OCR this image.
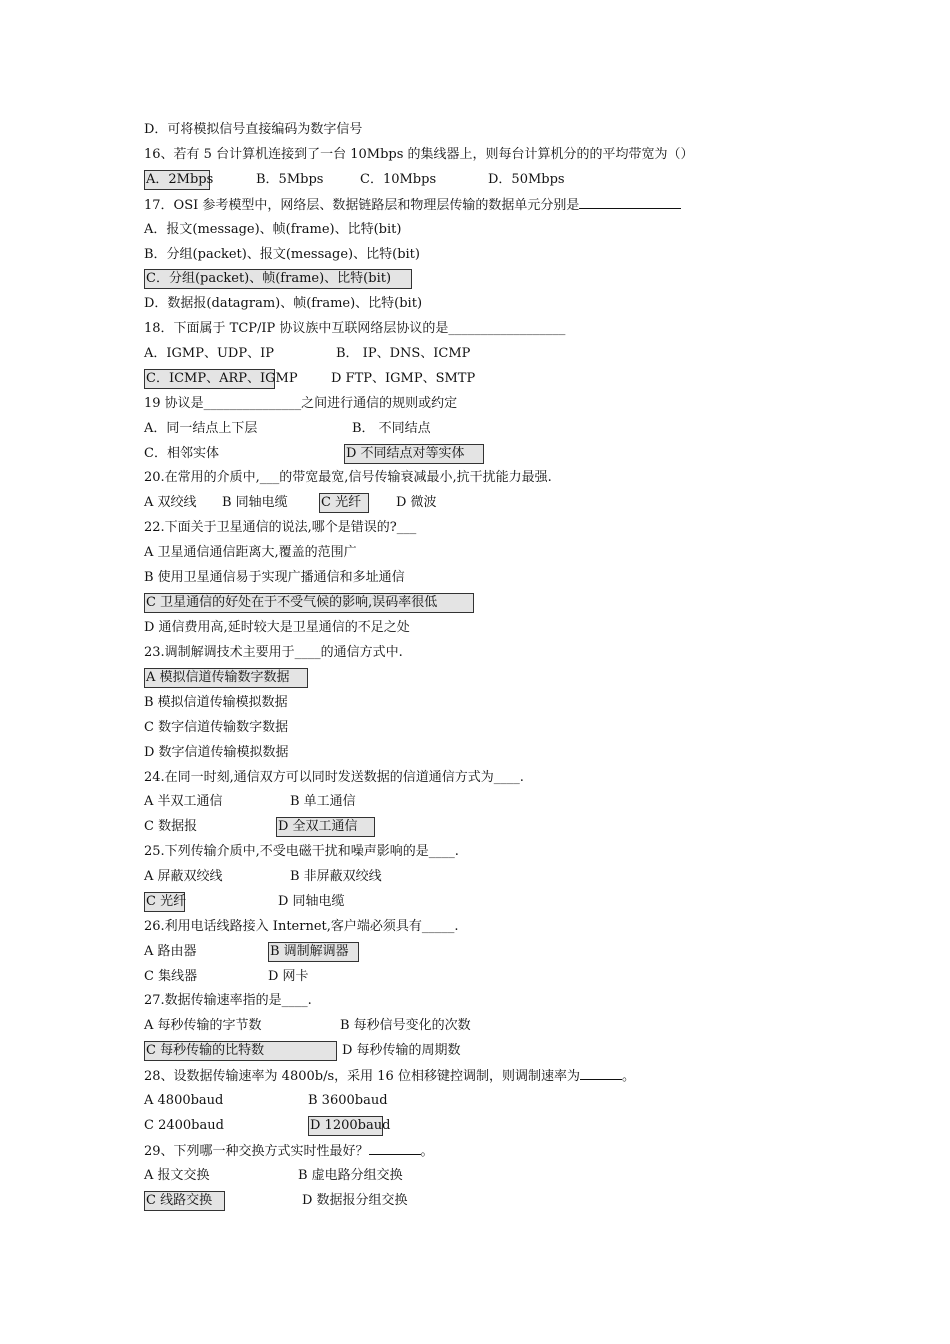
D．可将模拟信号直接编码为数字信号
16、若有 5 台计算机连接到了一台 10Mbps 的集线器上，则每台计算机分的的平均带宽为（）
A．2Mbps	B．5Mbps	C．10Mbps	D．50Mbps
17．OSI 参考模型中，网络层、数据链路层和物理层传输的数据单元分别是
A．报文(message)、帧(frame)、比特(bit)
B．分组(packet)、报文(message)、比特(bit)
C．分组(packet)、帧(frame)、比特(bit)
D．数据报(datagram)、帧(frame)、比特(bit)
18．下面属于 TCP/IP 协议族中互联网络层协议的是__________________
A．IGMP、UDP、IP	B． IP、DNS、ICMP
C．ICMP、ARP、IGMP	D FTP、IGMP、SMTP
19 协议是_______________之间进行通信的规则或约定
A．同一结点上下层	B． 不同结点
C．相邻实体	D 不同结点对等实体
20.在常用的介质中,___的带宽最宽,信号传输衰减最小,抗干扰能力最强.
A 双绞线 B 同轴电缆	C 光纤	D 微波
22.下面关于卫星通信的说法,哪个是错误的?___
A 卫星通信通信距离大,覆盖的范围广
B 使用卫星通信易于实现广播通信和多址通信
C 卫星通信的好处在于不受气候的影响,误码率很低
D 通信费用高,延时较大是卫星通信的不足之处
23.调制解调技术主要用于____的通信方式中.
A 模拟信道传输数字数据
B 模拟信道传输模拟数据
C 数字信道传输数字数据
D 数字信道传输模拟数据
24.在同一时刻,通信双方可以同时发送数据的信道通信方式为____.
A 半双工通信	B 单工通信
C 数据报	D 全双工通信
25.下列传输介质中,不受电磁干扰和噪声影响的是____.
A 屏蔽双绞线	B 非屏蔽双绞线
C 光纤	D 同轴电缆
26.利用电话线路接入 Internet,客户端必须具有_____.
A 路由器	B 调制解调器
C 集线器	D 网卡
27.数据传输速率指的是____.
A 每秒传输的字节数	B 每秒信号变化的次数
C 每秒传输的比特数	D 每秒传输的周期数
28、设数据传输速率为 4800b/s，采用 16 位相移键控调制，则调制速率为	。
A 4800baud	B 3600baud
C 2400baud	D 1200baud
29、下列哪一种交换方式实时性最好？	。
A 报文交换	B 虚电路分组交换
C 线路交换	D 数据报分组交换
